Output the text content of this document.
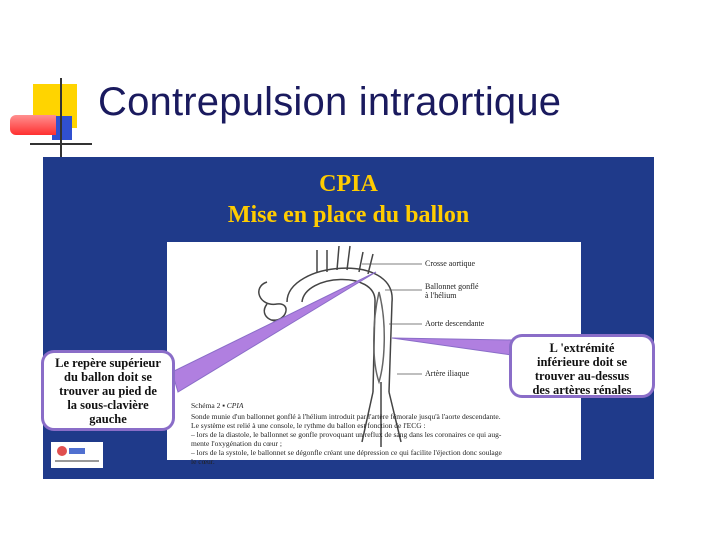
Contrepulsion intraortique
CPIA
Mise en place du ballon
Crosse aortique
Ballonnet gonflé
à l'hélium
Aorte descendante
Artère iliaque
Schéma 2 ▪ CPIA
Sonde munie d'un ballonnet gonflé à l'hélium introduit par l'artère fémorale jusqu'à l'aorte descendante.
Le système est relié à une console, le rythme du ballon est fonction de l'ECG :
– lors de la diastole, le ballonnet se gonfle provoquant un reflux de sang dans les coronaires ce qui aug-
mente l'oxygénation du cœur ;
– lors de la systole, le ballonnet se dégonfle créant une dépression ce qui facilite l'éjection donc soulage
le cœur.
Le repère supérieur
du ballon doit se
trouver au pied de
la sous-clavière
gauche
L 'extrémité
inférieure doit se
trouver au-dessus
des artères rénales
